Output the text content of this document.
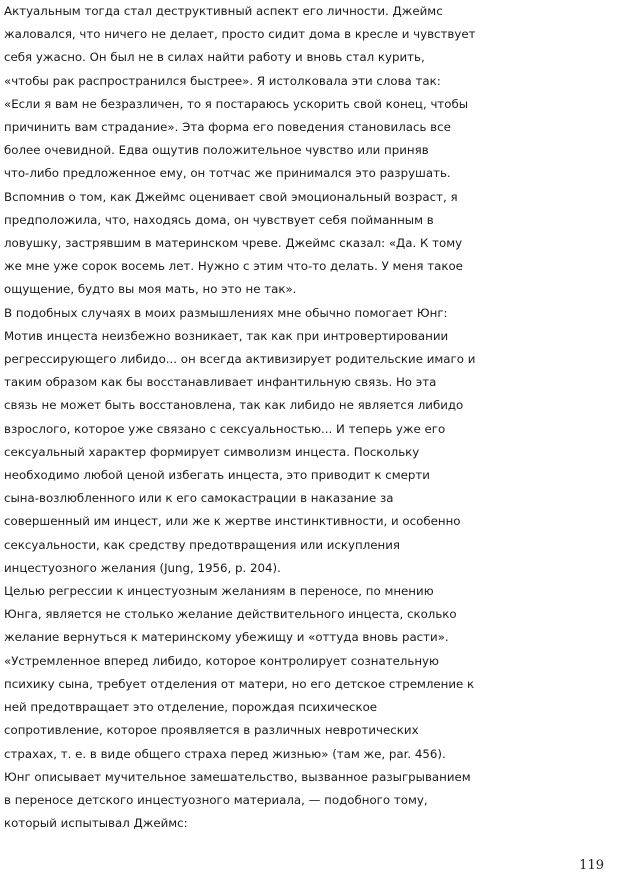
Актуальным тогда стал деструктивный аспект его личности. Джеймс
жаловался, что ничего не делает, просто сидит дома в кресле и чувствует
себя ужасно. Он был не в силах найти работу и вновь стал курить,
«чтобы рак распространился быстрее». Я истолковала эти слова так:
«Если я вам не безразличен, то я постараюсь ускорить свой конец, чтобы
причинить вам страдание». Эта форма его поведения становилась все
более очевидной. Едва ощутив положительное чувство или приняв
что-либо предложенное ему, он тотчас же принимался это разрушать.
Вспомнив о том, как Джеймс оценивает свой эмоциональный возраст, я
предположила, что, находясь дома, он чувствует себя пойманным в
ловушку, застрявшим в материнском чреве. Джеймс сказал: «Да. К тому
же мне уже сорок восемь лет. Нужно с этим что-то делать. У меня такое
ощущение, будто вы моя мать, но это не так».
В подобных случаях в моих размышлениях мне обычно помогает Юнг:
Мотив инцеста неизбежно возникает, так как при интровертировании
регрессирующего либидо... он всегда активизирует родительские имаго и
таким образом как бы восстанавливает инфантильную связь. Но эта
связь не может быть восстановлена, так как либидо не является либидо
взрослого, которое уже связано с сексуальностью... И теперь уже его
сексуальный характер формирует символизм инцеста. Поскольку
необходимо любой ценой избегать инцеста, это приводит к смерти
сына-возлюбленного или к его самокастрации в наказание за
совершенный им инцест, или же к жертве инстинктивности, и особенно
сексуальности, как средству предотвращения или искупления
инцестуозного желания (Jung, 1956, p. 204).
Целью регрессии к инцестуозным желаниям в переносе, по мнению
Юнга, является не столько желание действительного инцеста, сколько
желание вернуться к материнскому убежищу и «оттуда вновь расти».
«Устремленное вперед либидо, которое контролирует сознательную
психику сына, требует отделения от матери, но его детское стремление к
ней предотвращает это отделение, порождая психическое
сопротивление, которое проявляется в различных невротических
страхах, т. е. в виде общего страха перед жизнью» (там же, par. 456).
Юнг описывает мучительное замешательство, вызванное разыгрыванием
в переносе детского инцестуозного материала, — подобного тому,
который испытывал Джеймс:
119
